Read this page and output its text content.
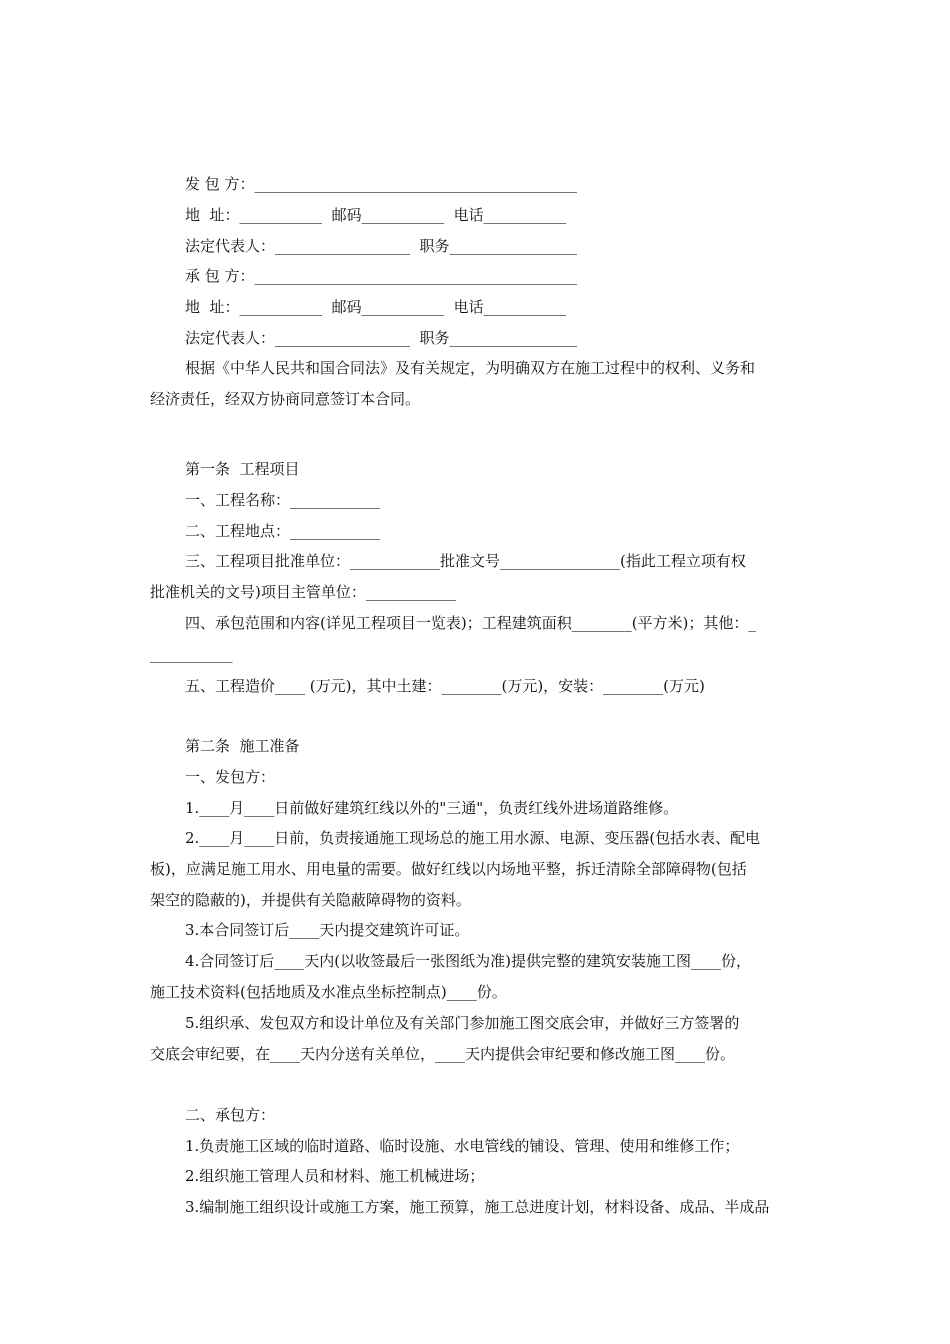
发 包 方：___________________________________________
地  址：___________  邮码___________  电话___________
法定代表人：__________________  职务_________________
承 包 方：___________________________________________
地  址：___________  邮码___________  电话___________
法定代表人：__________________  职务_________________
根据《中华人民共和国合同法》及有关规定，为明确双方在施工过程中的权利、义务和
经济责任，经双方协商同意签订本合同。
第一条  工程项目
一、工程名称：____________
二、工程地点：____________
三、工程项目批准单位：____________批准文号________________(指此工程立项有权
批准机关的文号)项目主管单位：____________
四、承包范围和内容(详见工程项目一览表)；工程建筑面积________(平方米)；其他：_
___________
五、工程造价____ (万元)，其中土建：________(万元)，安装：________(万元)
第二条  施工准备
一、发包方：
1.____月____日前做好建筑红线以外的"三通"，负责红线外进场道路维修。
2.____月____日前，负责接通施工现场总的施工用水源、电源、变压器(包括水表、配电
板)，应满足施工用水、用电量的需要。做好红线以内场地平整，拆迁清除全部障碍物(包括
架空的隐蔽的)，并提供有关隐蔽障碍物的资料。
3.本合同签订后____天内提交建筑许可证。
4.合同签订后____天内(以收签最后一张图纸为准)提供完整的建筑安装施工图____份，
施工技术资料(包括地质及水准点坐标控制点)____份。
5.组织承、发包双方和设计单位及有关部门参加施工图交底会审，并做好三方签署的
交底会审纪要，在____天内分送有关单位，____天内提供会审纪要和修改施工图____份。
二、承包方：
1.负责施工区域的临时道路、临时设施、水电管线的铺设、管理、使用和维修工作；
2.组织施工管理人员和材料、施工机械进场；
3.编制施工组织设计或施工方案，施工预算，施工总进度计划，材料设备、成品、半成品
